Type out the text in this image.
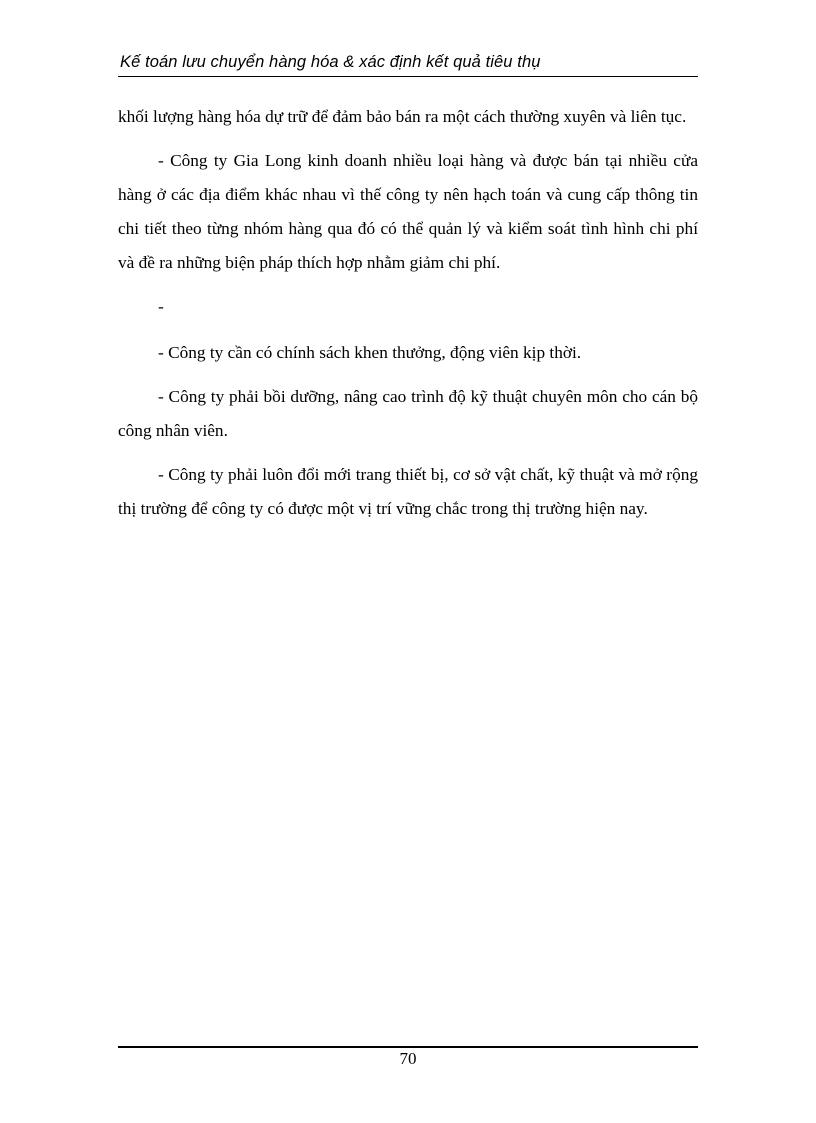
Kế toán lưu chuyển hàng hóa & xác định kết quả tiêu thụ

khối lượng hàng hóa dự trữ để đảm bảo bán ra một cách thường xuyên và liên tục.

- Công ty Gia Long kinh doanh nhiều loại hàng và được bán tại nhiều cửa hàng ở các địa điểm khác nhau vì thế công ty nên hạch toán và cung cấp thông tin chi tiết theo từng nhóm hàng qua đó có thể quản lý và kiểm soát tình hình chi phí và đề ra những biện pháp thích hợp nhằm giảm chi phí.

-

- Công ty cần có chính sách khen thưởng, động viên kịp thời.

- Công ty phải bồi dưỡng, nâng cao trình độ kỹ thuật chuyên môn cho cán bộ công nhân viên.

- Công ty phải luôn đổi mới trang thiết bị, cơ sở vật chất, kỹ thuật và mở rộng thị trường để công ty có được một vị trí vững chắc trong thị trường hiện nay.

70
